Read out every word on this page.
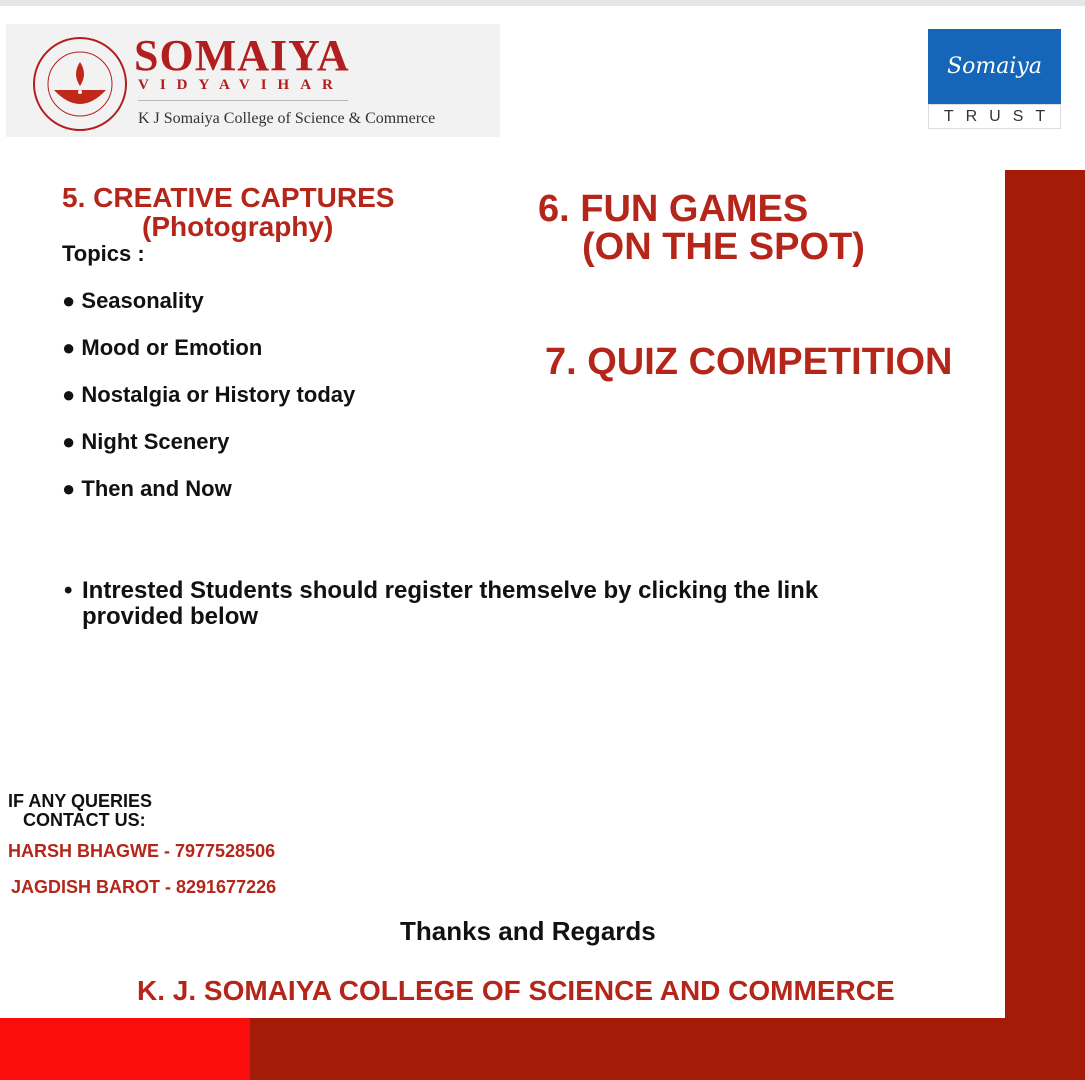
SOMAIYA
VIDYAVIHAR
K J Somaiya College of Science & Commerce
Somaiya
TRUST
5. CREATIVE CAPTURES
(Photography)
Topics :
● Seasonality
● Mood or Emotion
● Nostalgia or History today
● Night Scenery
● Then and Now
6. FUN GAMES
(ON THE SPOT)
7. QUIZ COMPETITION
• Intrested Students should register themselve by clicking the link provided below
IF ANY QUERIES
CONTACT US:
HARSH BHAGWE - 7977528506
JAGDISH BAROT - 8291677226
Thanks and Regards
K. J. SOMAIYA COLLEGE OF SCIENCE AND COMMERCE
